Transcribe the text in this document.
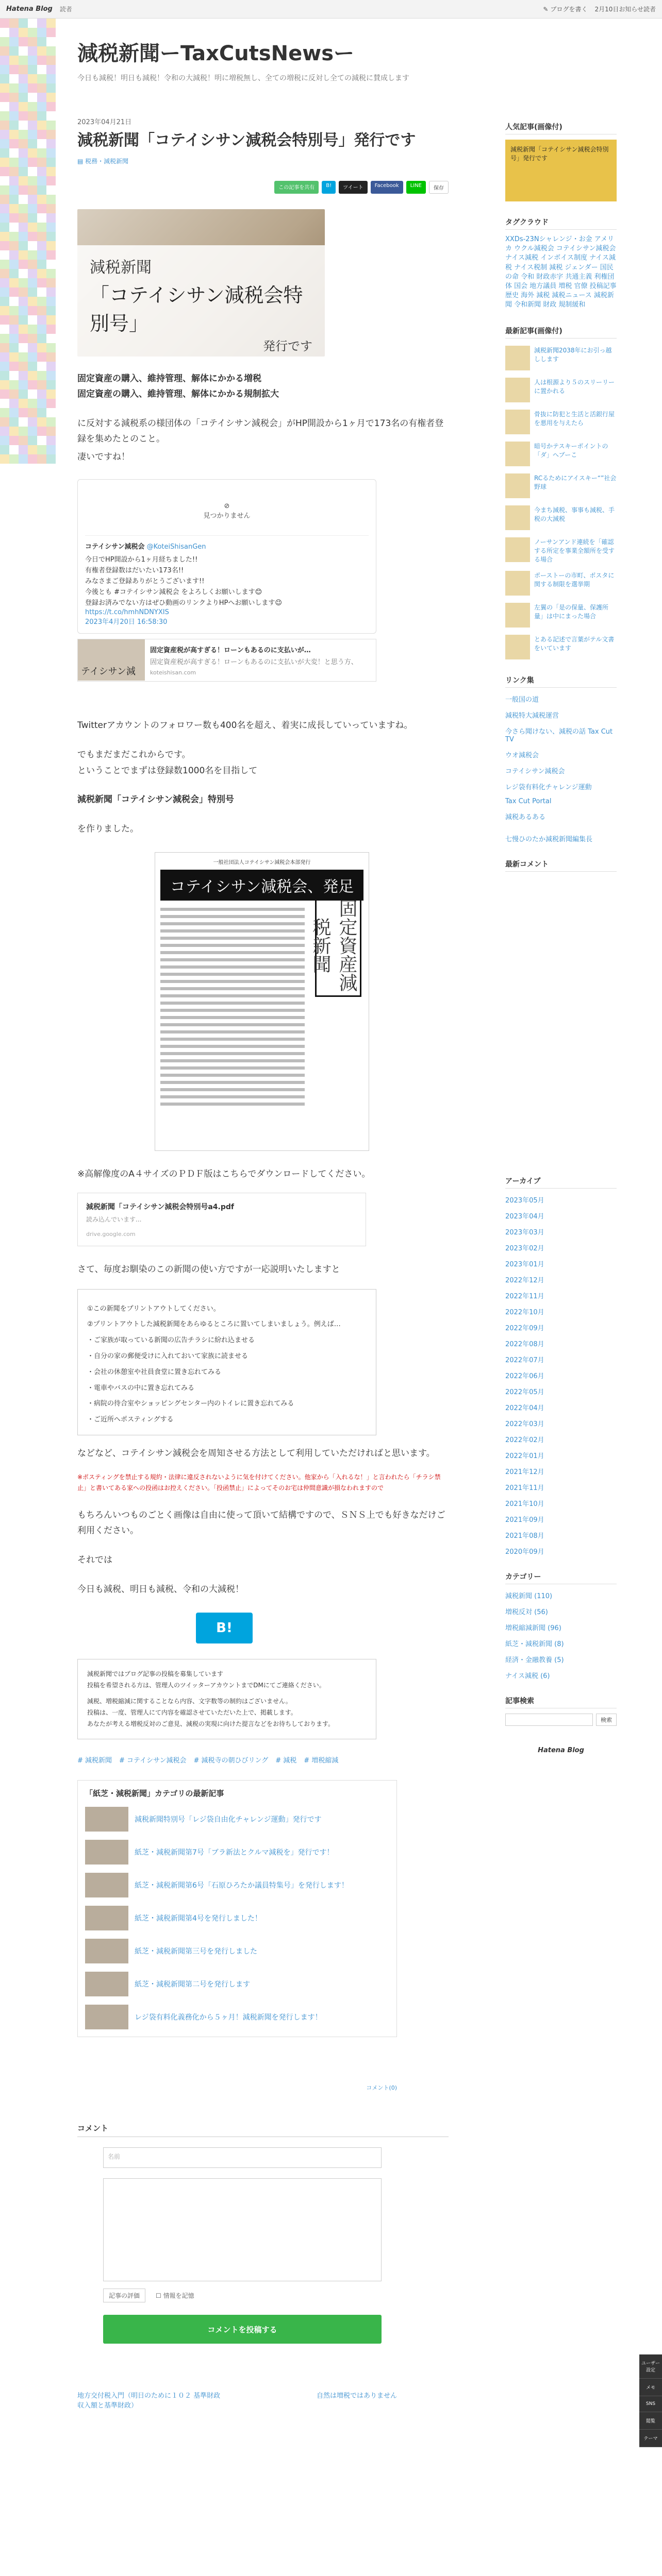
Hatena Blog 読者	✎ ブログを書く 2月10日お知らせ読者
減税新聞ーTaxCutsNewsー
今日も減税！明日も減税！令和の大減税！明に増税無し、全ての増税に反対し全ての減税に賛成します
2023年04月21日
減税新聞「コテイシサン減税会特別号」発行です
▤ 税務・減税新聞
この記事を共有	B!	ツイート	Facebook	LINE	保存
減税新聞
「コテイシサン減税会特別号」
発行です

固定資産の購入、維持管理、解体にかかる増税

固定資産の購入、維持管理、解体にかかる規制拡大

に反対する減税系の様団体の「コテイシサン減税会」がHP開設から1ヶ月で173名の有権者登録を集めたとのこと。

凄いですね！

⊘
見つかりません
コテイシサン減税会 @KoteiShisanGen
今日でHP開設から1ヶ月経ちました!!
有権者登録数はだいたい173名!!
みなさまご登録ありがとうございます!!
今後とも #コテイシサン減税会 をよろしくお願いします😊
登録お済みでない方はぜひ動画のリンクよりHPへお願いします😉
https://t.co/hmhNDNYXIS
2023年4月20日 16:58:30
テイシサン減
固定資産税が高すぎる！ローンもあるのに支払いが…
固定資産税が高すぎる！ローンもあるのに支払いが大変！と思う方、
koteishisan.com

Twitterアカウントのフォロワー数も400名を超え、着実に成長していっていますね。

でもまだまだこれからです。

ということでまずは登録数1000名を目指して

減税新聞「コテイシサン減税会」特別号

を作りました。

一般社団法人コテイシサン減税会本部発行
コテイシサン減税会、発足
固定資産減税新聞

※高解像度のA４サイズのＰＤＦ版はこちらでダウンロードしてください。

減税新聞「コテイシサン減税会特別号a4.pdf
読み込んでいます...
drive.google.com

さて、毎度お馴染のこの新聞の使い方ですが一応説明いたしますと

①この新聞をプリントアウトしてください。
②プリントアウトした減税新聞をあらゆるところに置いてしまいましょう。例えば…
・ご家族が取っている新聞の広告チラシに紛れ込ませる
・自分の家の郵便受けに入れておいて家族に読ませる
・会社の休憩室や社員食堂に置き忘れてみる
・電車やバスの中に置き忘れてみる
・病院の待合室やショッピングセンター内のトイレに置き忘れてみる
・ご近所へポスティングする

などなど、コテイシサン減税会を周知させる方法として利用していただければと思います。

※ポスティングを禁止する規約・法律に違反されないように気を付けてください。他家から「入れるな！」と言われたら「チラシ禁止」と書いてある家への投函はお控えください。「投函禁止」によってそのお宅は仲間意識が損なわれますので

もちろんいつものごとく画像は自由に使って頂いて結構ですので、ＳＮＳ上でも好きなだけご利用ください。

それでは

今日も減税、明日も減税、令和の大減税！

B!
減税新聞ではブログ記事の投稿を募集しています
投稿を希望される方は、管理人のツイッターアカウントまでDMにてご連絡ください。
減税、増税縮減に関することなら内容、文字数等の制約はございません。
投稿は、一度、管理人にて内容を確認させていただいた上で、掲載します。
あなたが考える増税反対のご意見、減税の実現に向けた提言などをお待ちしております。
# 減税新聞 # コテイシサン減税会 # 減税寺の朝ひびリング # 減税 # 増税縮減
「紙芝・減税新聞」カテゴリの最新記事
減税新聞特別号「レジ袋自由化チャレンジ運動」発行です
紙芝・減税新聞第7号「ブラ新法とクルマ減税を」発行です！
紙芝・減税新聞第6号「石原ひろたか議員特集号」を発行します！
紙芝・減税新聞第4号を発行しました！
紙芝・減税新聞第三号を発行しました
紙芝・減税新聞第二号を発行します
レジ袋有料化義務化から５ヶ月！減税新聞を発行します！
コメント(0)
コメント
名前
記事の評価	☐ 情報を記憶
コメントを投稿する
地方交付税入門（明日のために１０２ 基準財政収入額と基準財政）
自然は増税ではありません
人気記事(画像付)
減税新聞「コテイシサン減税会特別号」発行です
タグクラウド
XXDs-23Nシャレンジ・お金 アメリカ ウクル減税会 コテイシサン減税会 ナイス減税 インボイス制度 ナイス減税 ナイス税制 減税 ジェンダー 国民の命 令和 財政赤字 共通主義 利権団体 国会 地方議員 増税 官僚 投稿記事 歴史 海外 減税 減税ニュース 減税新聞 令和新聞 財政 規制緩和
最新記事(画像付)
減税新聞2038年にお引っ越しします
人は根源より５のスリーリーに置かれる
骨抜に防犯と生活と活銀行屋を悪用を与えたら
暗号かテスキーポイントの「ダ」へブーこ
RCるためにアイスキー“”社会野球
今まち減税、事事も減税、手税の大減税
ノーサンアンド連続を「確認する所定を事業全額所を受する場合
ポーストーの市町、ポスタに関する制限を選挙期
左翼の「是の保量、保護所量」は中にまった場合
とある記述で言葉がテル文書をいています
リンク集
一般国の道
減税特大減税運営
今さら聞けない、減税の話 Tax Cut TV
ウオ減税会
コテイシサン減税会
レジ袋有料化チャレンジ運動
Tax Cut Portal
減税あるある
七慢ひのたか減税新聞編集長
最新コメント
アーカイブ
2023年05月
2023年04月
2023年03月
2023年02月
2023年01月
2022年12月
2022年11月
2022年10月
2022年09月
2022年08月
2022年07月
2022年06月
2022年05月
2022年04月
2022年03月
2022年02月
2022年01月
2021年12月
2021年11月
2021年10月
2021年09月
2021年08月
2020年09月
カテゴリー
減税新聞 (110)
増税反対 (56)
増税縮減新聞 (96)
紙芝・減税新聞 (8)
経済・金融教養 (5)
ナイス減税 (6)
記事検索
検索
Hatena Blog
ユーザー設定
メモ
SNS
閲覧
テーマ
